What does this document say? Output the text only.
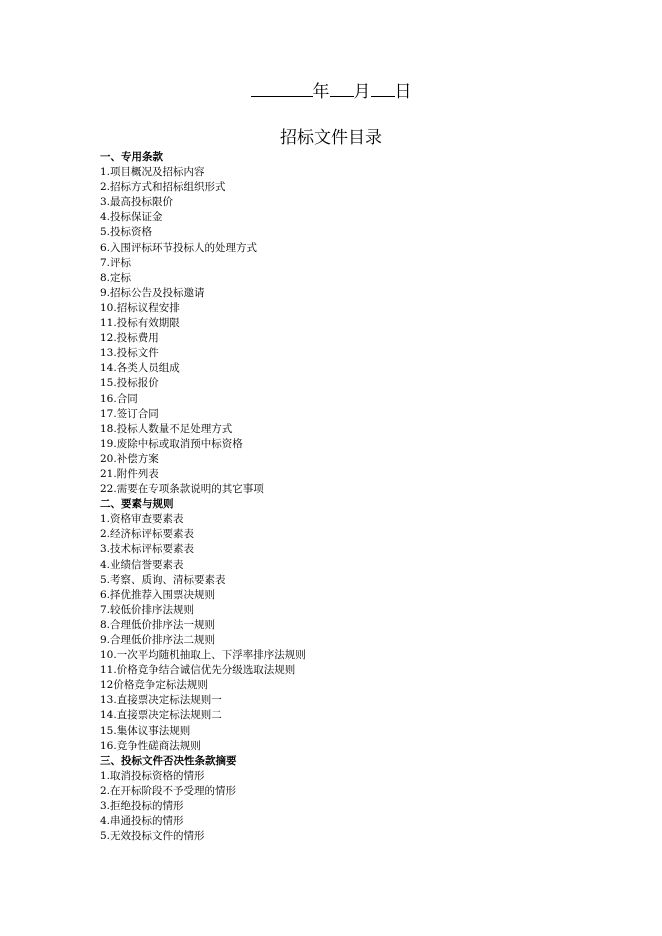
年 月 日
招标文件目录
一、专用条款
1.项目概况及招标内容
2.招标方式和招标组织形式
3.最高投标限价
4.投标保证金
5.投标资格
6.入围评标环节投标人的处理方式
7.评标
8.定标
9.招标公告及投标邀请
10.招标议程安排
11.投标有效期限
12.投标费用
13.投标文件
14.各类人员组成
15.投标报价
16.合同
17.签订合同
18.投标人数量不足处理方式
19.废除中标或取消预中标资格
20.补偿方案
21.附件列表
22.需要在专项条款说明的其它事项
二、要素与规则
1.资格审查要素表
2.经济标评标要素表
3.技术标评标要素表
4.业绩信誉要素表
5.考察、质询、清标要素表
6.择优推荐入围票决规则
7.较低价排序法规则
8.合理低价排序法一规则
9.合理低价排序法二规则
10.一次平均随机抽取上、下浮率排序法规则
11.价格竞争结合诚信优先分级选取法规则
12价格竞争定标法规则
13.直接票决定标法规则一
14.直接票决定标法规则二
15.集体议事法规则
16.竞争性磋商法规则
三、投标文件否决性条款摘要
1.取消投标资格的情形
2.在开标阶段不予受理的情形
3.拒绝投标的情形
4.串通投标的情形
5.无效投标文件的情形
